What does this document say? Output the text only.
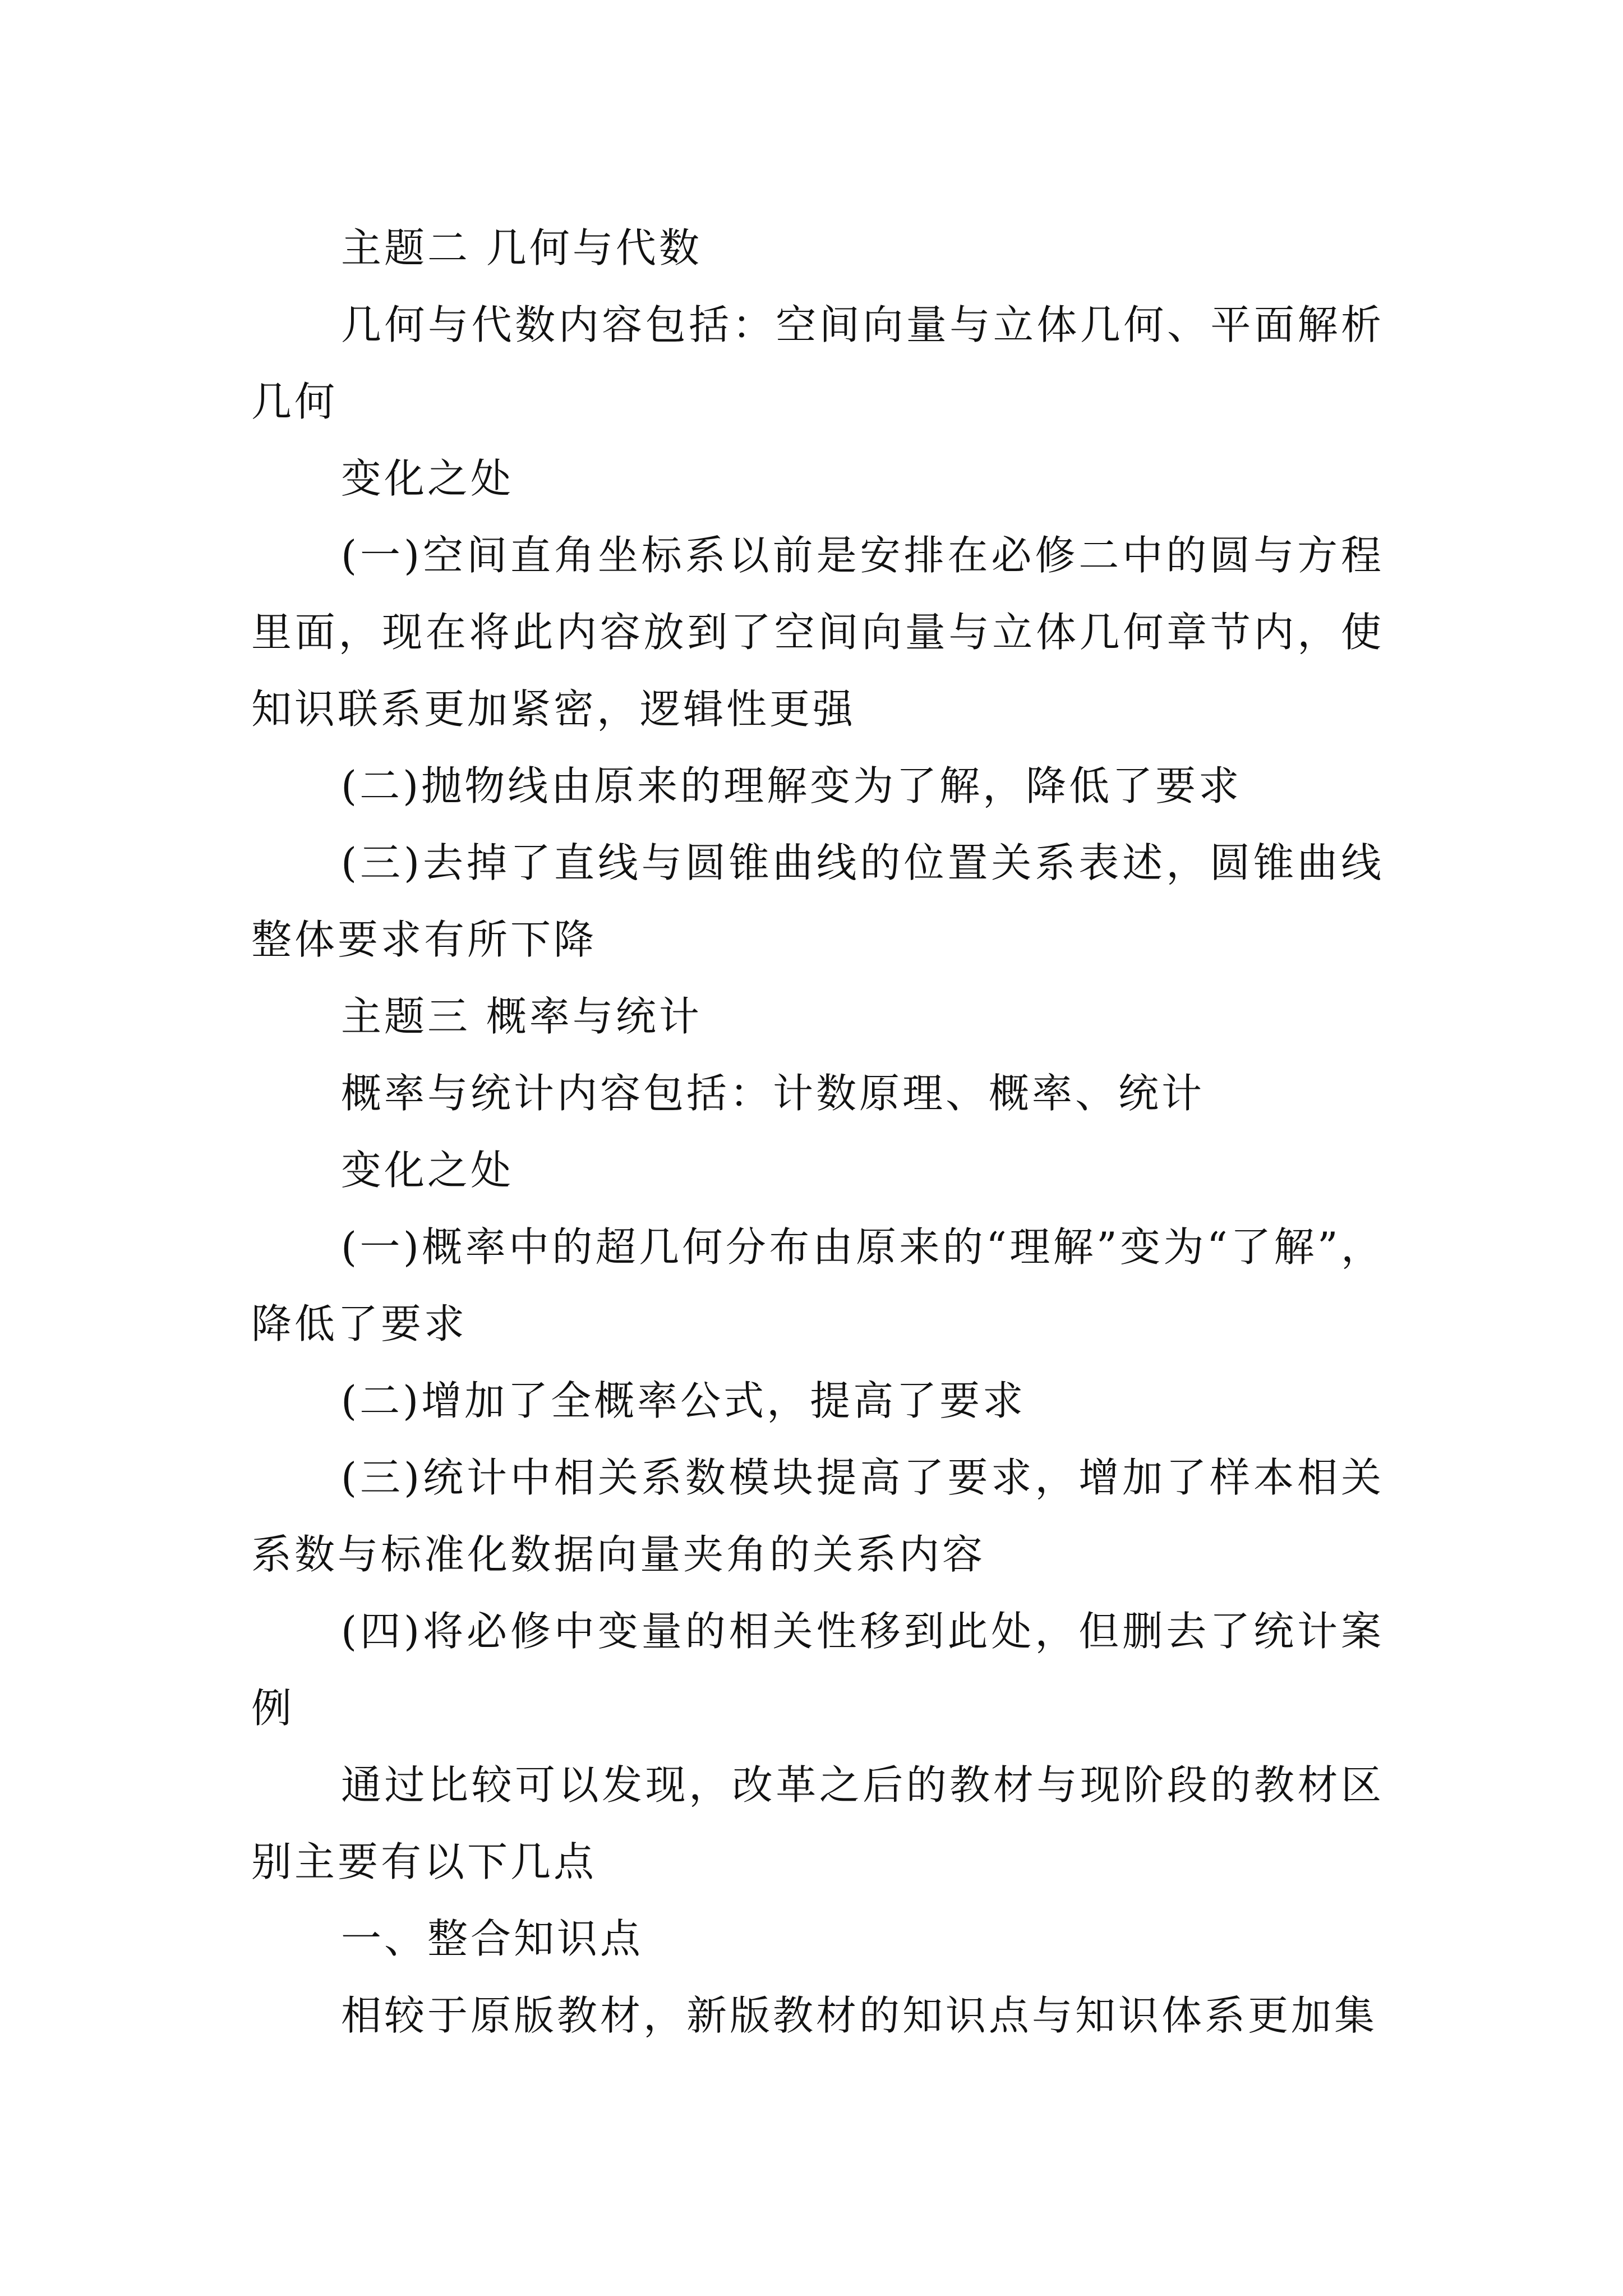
主题二 几何与代数

几何与代数内容包括：空间向量与立体几何、平面解析几何

变化之处

(一)空间直角坐标系以前是安排在必修二中的圆与方程里面，现在将此内容放到了空间向量与立体几何章节内，使知识联系更加紧密，逻辑性更强

(二)抛物线由原来的理解变为了解，降低了要求

(三)去掉了直线与圆锥曲线的位置关系表述，圆锥曲线整体要求有所下降

主题三 概率与统计

概率与统计内容包括：计数原理、概率、统计

变化之处

(一)概率中的超几何分布由原来的“理解”变为“了解”，降低了要求

(二)增加了全概率公式，提高了要求

(三)统计中相关系数模块提高了要求，增加了样本相关系数与标准化数据向量夹角的关系内容

(四)将必修中变量的相关性移到此处，但删去了统计案例

通过比较可以发现，改革之后的教材与现阶段的教材区别主要有以下几点

一、整合知识点

相较于原版教材，新版教材的知识点与知识体系更加集
